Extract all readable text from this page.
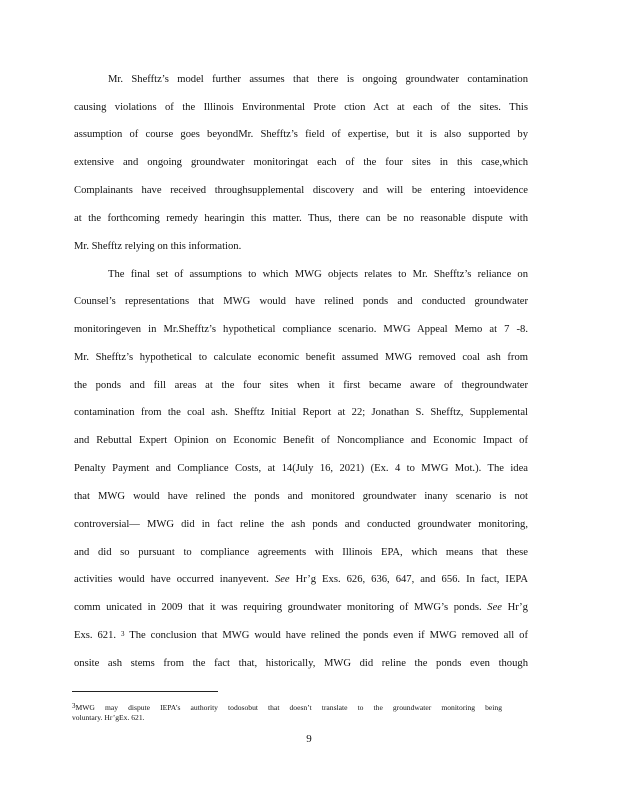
Mr. Shefftz’s model further assumes that there is ongoing groundwater contamination
causing violations of the Illinois Environmental Prote ction Act at each of the sites. This
assumption of course goes beyondMr. Shefftz’s field of expertise, but it is also supported by
extensive and ongoing groundwater monitoringat each of the four sites in this case,which
Complainants have received throughsupplemental discovery and will be entering intoevidence
at the forthcoming remedy hearingin this matter. Thus, there can be no reasonable dispute with
Mr. Shefftz relying on this information.
The final set of assumptions to which MWG objects relates to Mr. Shefftz’s reliance on
Counsel’s representations that MWG would have relined ponds and conducted groundwater
monitoringeven in Mr.Shefftz’s hypothetical compliance scenario. MWG Appeal Memo at 7 -8.
Mr. Shefftz’s hypothetical to calculate economic benefit assumed MWG removed coal ash from
the ponds and fill areas at the four sites when it first became aware of thegroundwater
contamination from the coal ash. Shefftz Initial Report at 22; Jonathan S. Shefftz, Supplemental
and Rebuttal Expert Opinion on Economic Benefit of Noncompliance and Economic Impact of
Penalty Payment and Compliance Costs, at 14(July 16, 2021) (Ex. 4 to MWG Mot.). The idea
that MWG would have relined the ponds and monitored groundwater inany scenario is not
controversial— MWG did in fact reline the ash ponds and conducted groundwater monitoring,
and did so pursuant to compliance agreements with Illinois EPA, which means that these
activities would have occurred inanyevent. See Hr’g Exs. 626, 636, 647, and 656. In fact, IEPA
comm unicated in 2009 that it was requiring groundwater monitoring of MWG’s ponds. See Hr’g
Exs. 621. $^3$ The conclusion that MWG would have relined the ponds even if MWG removed all of
onsite ash stems from the fact that, historically, MWG did reline the ponds even though
$^3$MWG may dispute IEPA’s authority todosobut that doesn’t translate to the groundwater monitoring being
voluntary. Hr’gEx. 621.
9
